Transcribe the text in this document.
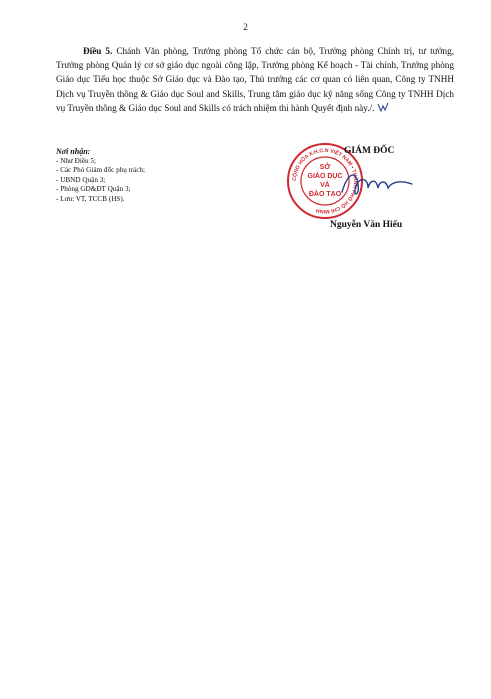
2

Điều 5. Chánh Văn phòng, Trưởng phòng Tổ chức cán bộ, Trưởng phòng Chính trị, tư tưởng, Trưởng phòng Quản lý cơ sở giáo dục ngoài công lập, Trưởng phòng Kế hoạch - Tài chính, Trưởng phòng Giáo dục Tiểu học thuộc Sở Giáo dục và Đào tạo, Thủ trưởng các cơ quan có liên quan, Công ty TNHH Dịch vụ Truyền thông & Giáo dục Soul and Skills, Trung tâm giáo dục kỹ năng sống Công ty TNHH Dịch vụ Truyền thông & Giáo dục Soul and Skills có trách nhiệm thi hành Quyết định này./.

Nơi nhận:
- Như Điều 5;
- Các Phó Giám đốc phụ trách;
- UBND Quận 3;
- Phòng GD&ĐT Quận 3;
- Lưu: VT, TCCB (HS).
CỘNG HÒA X.H.C.N VIỆT NAM • THÀNH PHỐ HỒ CHÍ MINH
SỞ
GIÁO DỤC
VÀ
ĐÀO TẠO
GIÁM ĐỐC
Nguyễn Văn Hiếu
